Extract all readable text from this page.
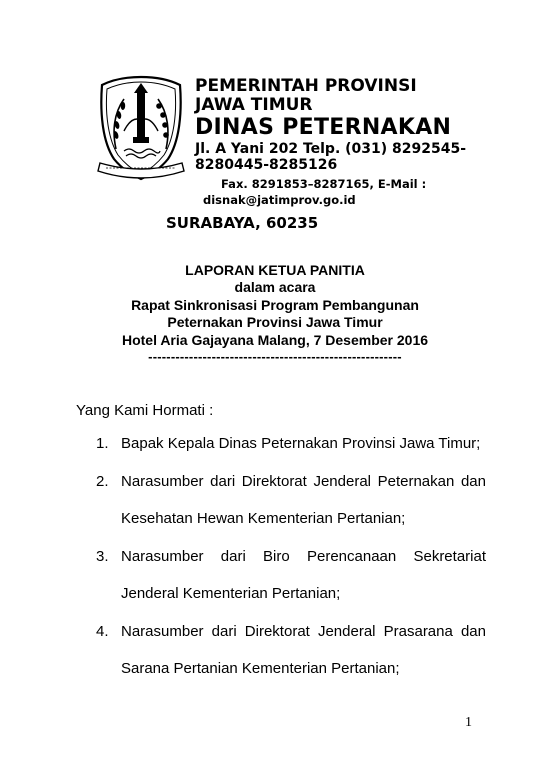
PEMERINTAH PROVINSI
JAWA TIMUR
DINAS PETERNAKAN
Jl. A Yani 202 Telp. (031) 8292545-
8280445-8285126
Fax. 8291853–8287165, E-Mail :
disnak@jatimprov.go.id
SURABAYA, 60235
LAPORAN KETUA PANITIA
dalam acara
Rapat Sinkronisasi Program Pembangunan
Peternakan Provinsi Jawa Timur
Hotel Aria Gajayana Malang, 7 Desember 2016
--------------------------------------------------------
Yang Kami Hormati :
1. Bapak Kepala Dinas Peternakan Provinsi Jawa Timur;
2. Narasumber dari Direktorat Jenderal Peternakan dan Kesehatan Hewan Kementerian Pertanian;
3. Narasumber dari Biro Perencanaan Sekretariat Jenderal Kementerian Pertanian;
4. Narasumber dari Direktorat Jenderal Prasarana dan Sarana Pertanian Kementerian Pertanian;
1
